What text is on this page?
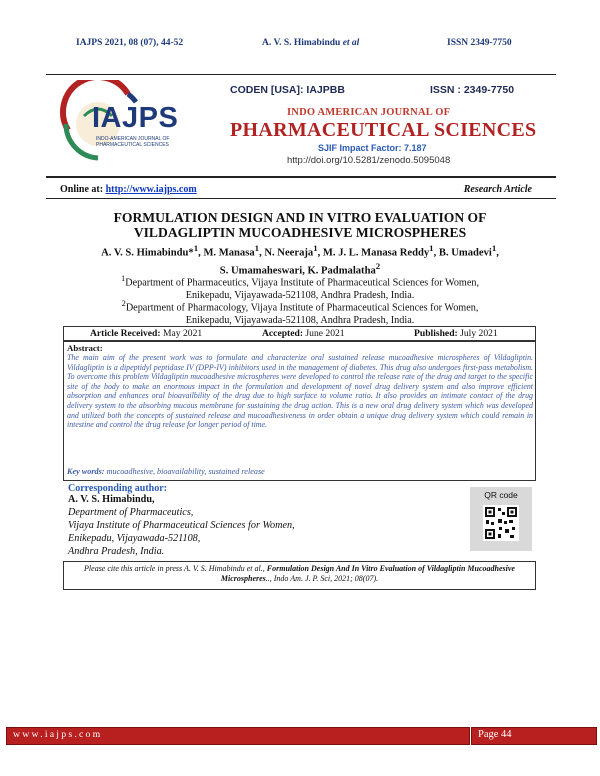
IAJPS 2021, 08 (07), 44-52	A. V. S. Himabindu et al	ISSN 2349-7750
IAJPS
INDO-AMERICAN JOURNAL OF
PHARMACEUTICAL SCIENCES
CODEN [USA]: IAJPBB	ISSN : 2349-7750
INDO AMERICAN JOURNAL OF
PHARMACEUTICAL SCIENCES
SJIF Impact Factor: 7.187
http://doi.org/10.5281/zenodo.5095048
Online at: http://www.iajps.com	Research Article
FORMULATION DESIGN AND IN VITRO EVALUATION OF
VILDAGLIPTIN MUCOADHESIVE MICROSPHERES
A. V. S. Himabindu*$^1$, M. Manasa$^1$, N. Neeraja$^1$, M. J. L. Manasa Reddy$^1$, B. Umadevi$^1$,
S. Umamaheswari, K. Padmalatha$^2$
$^1$Department of Pharmaceutics, Vijaya Institute of Pharmaceutical Sciences for Women,
Enikepadu, Vijayawada-521108, Andhra Pradesh, India.
$^2$Department of Pharmacology, Vijaya Institute of Pharmaceutical Sciences for Women,
Enikepadu, Vijayawada-521108, Andhra Pradesh, India.
Article Received: May 2021	Accepted: June 2021	Published: July 2021
Abstract:
The main aim of the present work was to formulate and characterize oral sustained release mucoadhesive microspheres of Vildagliptin. Vildagliptin is a dipeptidyl peptidase IV (DPP-IV) inhibitors used in the management of diabetes. This drug also undergoes first-pass metabolism. To overcome this problem Vildagliptin mucoadhesive microspheres were developed to control the release rate of the drug and target to the specific site of the body to make an enormous impact in the formulation and development of novel drug delivery system and also improve efficient absorption and enhances oral bioavailbility of the drug due to high surface to volume ratio. It also provides an intimate contact of the drug delivery system to the absorbing mucous membrane for sustaining the drug action. This is a new oral drug delivery system which was developed and utilized both the concepts of sustained release and mucoadhesiveness in order obtain a unique drug delivery system which could remain in intestine and control the drug release for longer period of time.
Key words: mucoadhesive, bioavailability, sustained release
Corresponding author:
A. V. S. Himabindu,
Department of Pharmaceutics,
Vijaya Institute of Pharmaceutical Sciences for Women,
Enikepadu, Vijayawada-521108,
Andhra Pradesh, India.
QR code
Please cite this article in press A. V. S. Himabindu et al., Formulation Design And In Vitro Evaluation of Vildagliptin Mucoadhesive Microspheres.., Indo Am. J. P. Sci, 2021; 08(07).
www.iajps.com	Page 44
